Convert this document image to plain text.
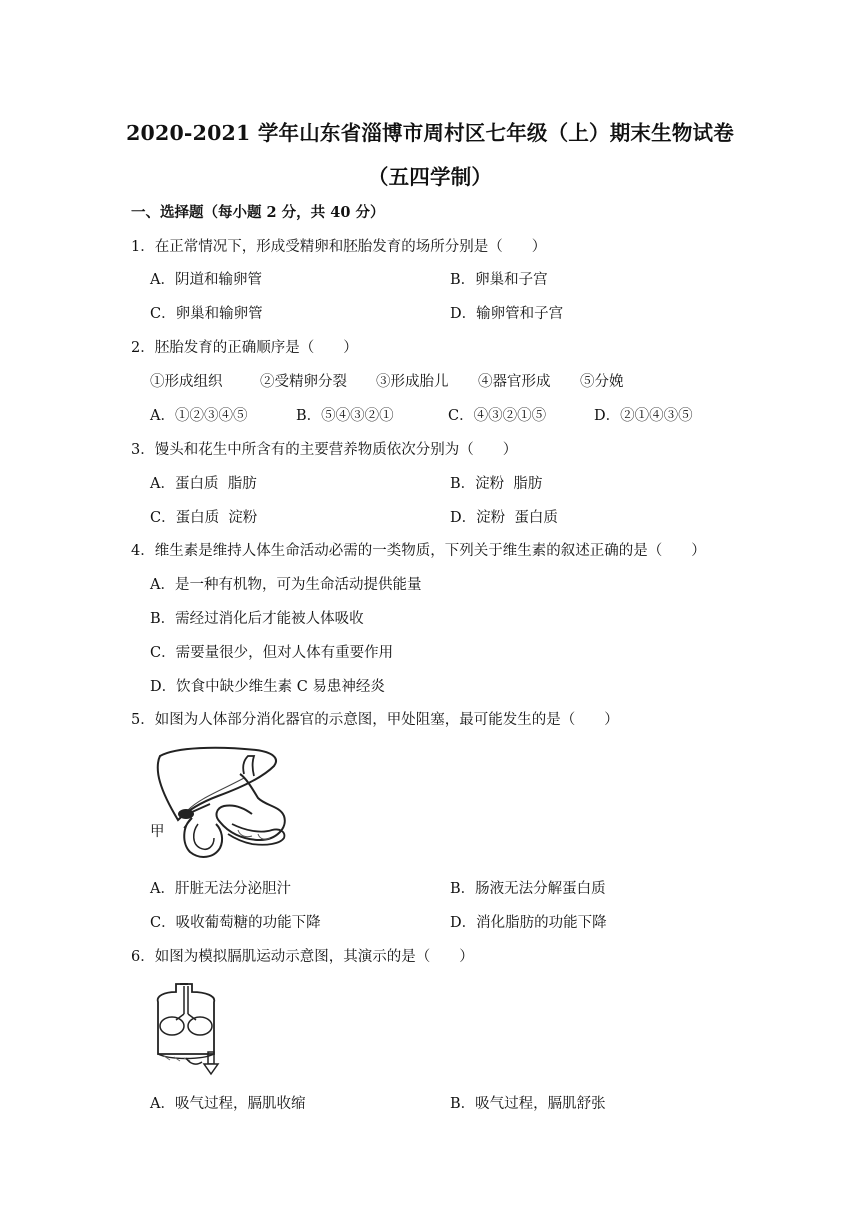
2020-2021 学年山东省淄博市周村区七年级（上）期末生物试卷
（五四学制）
一、选择题（每小题 2 分，共 40 分）
1．在正常情况下，形成受精卵和胚胎发育的场所分别是（　　）
A．阴道和输卵管	B．卵巢和子宫
C．卵巢和输卵管	D．输卵管和子宫
2．胚胎发育的正确顺序是（　　）
①形成组织	②受精卵分裂 ③形成胎儿 ④器官形成 ⑤分娩
A．①②③④⑤	B．⑤④③②①	C．④③②①⑤	D．②①④③⑤
3．馒头和花生中所含有的主要营养物质依次分别为（　　）
A．蛋白质  脂肪	B．淀粉  脂肪
C．蛋白质  淀粉	D．淀粉  蛋白质
4．维生素是维持人体生命活动必需的一类物质，下列关于维生素的叙述正确的是（　　）
A．是一种有机物，可为生命活动提供能量
B．需经过消化后才能被人体吸收
C．需要量很少，但对人体有重要作用
D．饮食中缺少维生素 C 易患神经炎
5．如图为人体部分消化器官的示意图，甲处阻塞，最可能发生的是（　　）
甲
A．肝脏无法分泌胆汁	B．肠液无法分解蛋白质
C．吸收葡萄糖的功能下降	D．消化脂肪的功能下降
6．如图为模拟膈肌运动示意图，其演示的是（　　）
A．吸气过程，膈肌收缩	B．吸气过程，膈肌舒张
